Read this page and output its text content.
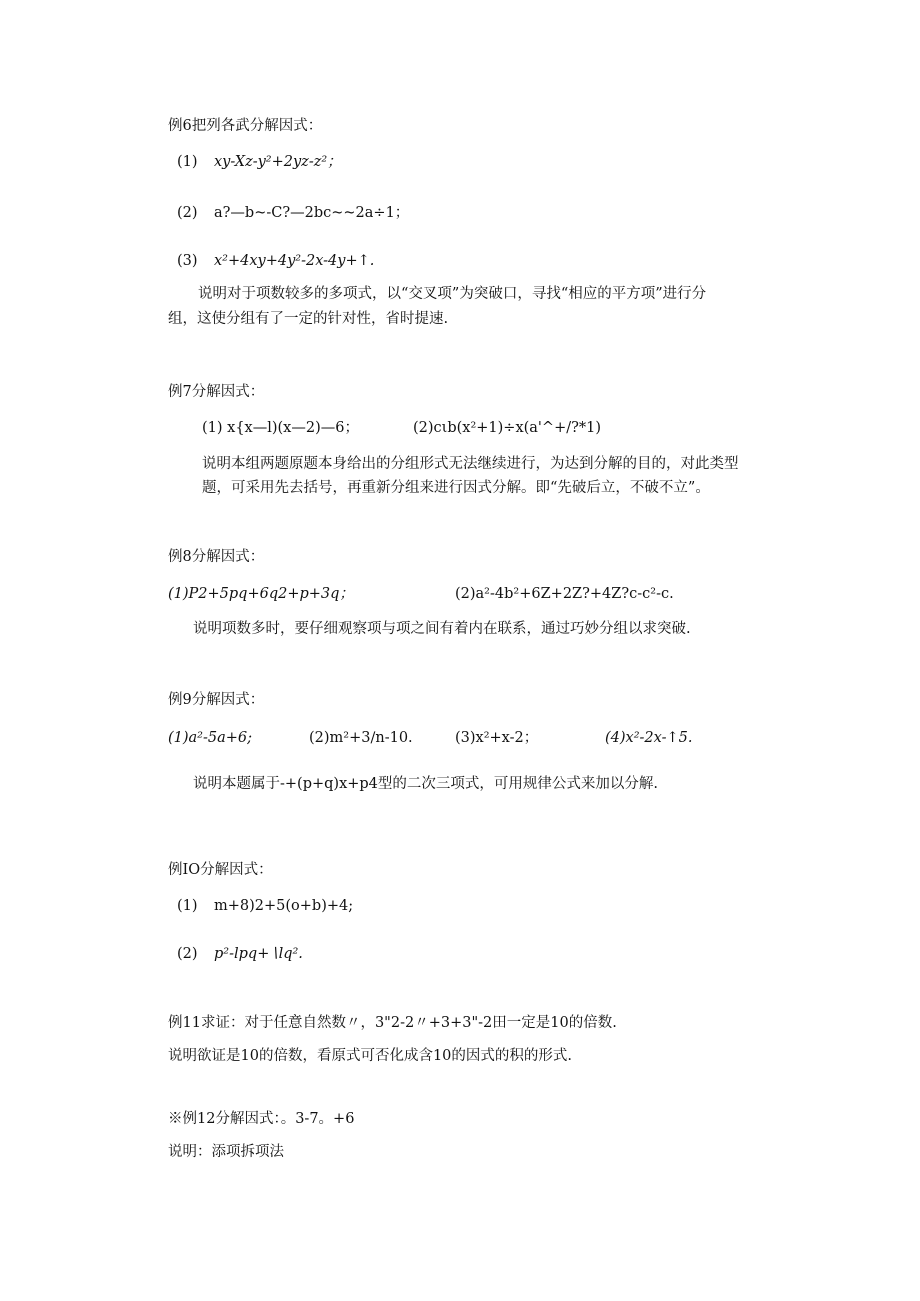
例6把列各武分解因式：
(1) xy-Xz-y²+2yz-z²；
(2) a?—b~-C?—2bc~~2a÷1；
(3) x²+4xy+4y²-2x-4y+↑.
说明对于项数较多的多项式，以“交叉项”为突破口，寻找“相应的平方项”进行分
组，这使分组有了一定的针对性，省时提速.
例7分解因式：
(1) x{x—l)(x—2)—6；	(2)cιb(x²+1)÷x(a'^+/?*1)
说明本组两题原题本身给出的分组形式无法继续进行，为达到分解的目的，对此类型
题，可采用先去括号，再重新分组来进行因式分解。即“先破后立，不破不立”。
例8分解因式：
(1)P2+5pq+6q2+p+3q；	(2)a²-4b²+6Z+2Z?+4Z?c-c²-c.
说明项数多时，要仔细观察项与项之间有着内在联系，通过巧妙分组以求突破.
例9分解因式：
(1)a²-5a+6;	(2)m²+3∕n-10.	(3)x²+x-2；	(4)x²-2x-↑5.
说明本题属于-+(p+q)x+p4型的二次三项式，可用规律公式来加以分解.
例IO分解因式：
(1) m+8)2+5(o+b)+4;
(2) p²-lpq+∖lq².
例11求证：对于任意自然数〃，3"2-2〃+3+3"-2田一定是10的倍数.
说明欲证是10的倍数，看原式可否化成含10的因式的积的形式.
※例12分解因式：。3-7。+6
说明：添项拆项法
